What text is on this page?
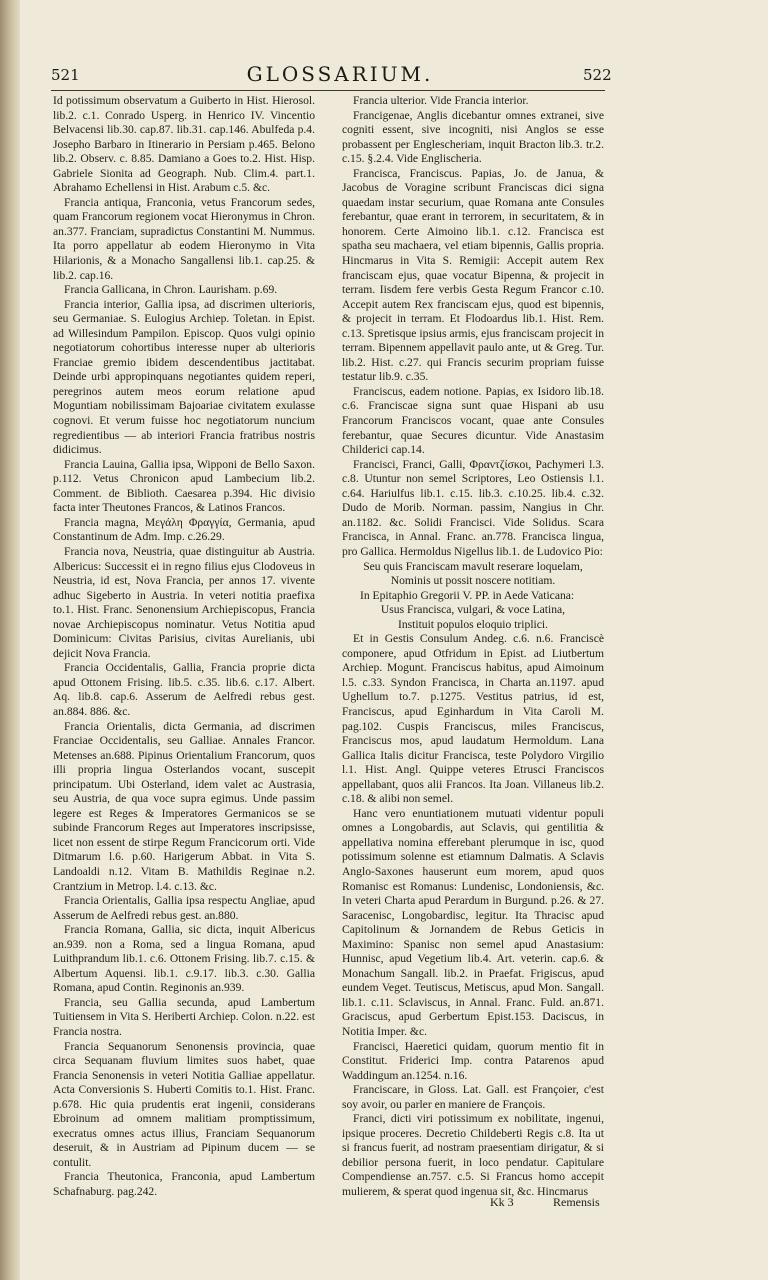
521	GLOSSARIUM.	522

Id potissimum observatum a Guiberto in Hist. Hierosol. lib.2. c.1. Conrado Usperg. in Henrico IV. Vincentio Belvacensi lib.30. cap.87. lib.31. cap.146. Abulfeda p.4. Josepho Barbaro in Itinerario in Persiam p.465. Belono lib.2. Observ. c. 8.85. Damiano a Goes to.2. Hist. Hisp. Gabriele Sionita ad Geograph. Nub. Clim.4. part.1. Abrahamo Echellensi in Hist. Arabum c.5. &c.

Francia antiqua, Franconia, vetus Francorum sedes, quam Francorum regionem vocat Hieronymus in Chron. an.377. Franciam, supradictus Constantini M. Nummus. Ita porro appellatur ab eodem Hieronymo in Vita Hilarionis, & a Monacho Sangallensi lib.1. cap.25. & lib.2. cap.16.

Francia Gallicana, in Chron. Laurisham. p.69.

Francia interior, Gallia ipsa, ad discrimen ulterioris, seu Germaniae. S. Eulogius Archiep. Toletan. in Epist. ad Willesindum Pampilon. Episcop. Quos vulgi opinio negotiatorum cohortibus interesse nuper ab ulterioris Franciae gremio ibidem descendentibus jactitabat. Deinde urbi appropinquans negotiantes quidem reperi, peregrinos autem meos eorum relatione apud Moguntiam nobilissimam Bajoariae civitatem exulasse cognovi. Et verum fuisse hoc negotiatorum nuncium regredientibus — ab interiori Francia fratribus nostris didicimus.

Francia Lauina, Gallia ipsa, Wipponi de Bello Saxon. p.112. Vetus Chronicon apud Lambecium lib.2. Comment. de Biblioth. Caesarea p.394. Hic divisio facta inter Theutones Francos, & Latinos Francos.

Francia magna, Μεγάλη Φραγγία, Germania, apud Constantinum de Adm. Imp. c.26.29.

Francia nova, Neustria, quae distinguitur ab Austria. Albericus: Successit ei in regno filius ejus Clodoveus in Neustria, id est, Nova Francia, per annos 17. vivente adhuc Sigeberto in Austria. In veteri notitia praefixa to.1. Hist. Franc. Senonensium Archiepiscopus, Francia novae Archiepiscopus nominatur. Vetus Notitia apud Dominicum: Civitas Parisius, civitas Aurelianis, ubi dejicit Nova Francia.

Francia Occidentalis, Gallia, Francia proprie dicta apud Ottonem Frising. lib.5. c.35. lib.6. c.17. Albert. Aq. lib.8. cap.6. Asserum de Aelfredi rebus gest. an.884. 886. &c.

Francia Orientalis, dicta Germania, ad discrimen Franciae Occidentalis, seu Galliae. Annales Francor. Metenses an.688. Pipinus Orientalium Francorum, quos illi propria lingua Osterlandos vocant, suscepit principatum. Ubi Osterland, idem valet ac Austrasia, seu Austria, de qua voce supra egimus. Unde passim legere est Reges & Imperatores Germanicos se se subinde Francorum Reges aut Imperatores inscripsisse, licet non essent de stirpe Regum Francicorum orti. Vide Ditmarum l.6. p.60. Harigerum Abbat. in Vita S. Landoaldi n.12. Vitam B. Mathildis Reginae n.2. Crantzium in Metrop. l.4. c.13. &c.

Francia Orientalis, Gallia ipsa respectu Angliae, apud Asserum de Aelfredi rebus gest. an.880.

Francia Romana, Gallia, sic dicta, inquit Albericus an.939. non a Roma, sed a lingua Romana, apud Luithprandum lib.1. c.6. Ottonem Frising. lib.7. c.15. & Albertum Aquensi. lib.1. c.9.17. lib.3. c.30. Gallia Romana, apud Contin. Reginonis an.939.

Francia, seu Gallia secunda, apud Lambertum Tuitiensem in Vita S. Heriberti Archiep. Colon. n.22. est Francia nostra.

Francia Sequanorum Senonensis provincia, quae circa Sequanam fluvium limites suos habet, quae Francia Senonensis in veteri Notitia Galliae appellatur. Acta Conversionis S. Huberti Comitis to.1. Hist. Franc. p.678. Hic quia prudentis erat ingenii, considerans Ebroinum ad omnem malitiam promptissimum, execratus omnes actus illius, Franciam Sequanorum deseruit, & in Austriam ad Pipinum ducem — se contulit.

Francia Theutonica, Franconia, apud Lambertum Schafnaburg. pag.242.

Francia ulterior. Vide Francia interior.

Francigenae, Anglis dicebantur omnes extranei, sive cogniti essent, sive incogniti, nisi Anglos se esse probassent per Englescheriam, inquit Bracton lib.3. tr.2. c.15. §.2.4. Vide Englischeria.

Francisca, Franciscus. Papias, Jo. de Janua, & Jacobus de Voragine scribunt Franciscas dici signa quaedam instar securium, quae Romana ante Consules ferebantur, quae erant in terrorem, in securitatem, & in honorem. Certe Aimoino lib.1. c.12. Francisca est spatha seu machaera, vel etiam bipennis, Gallis propria. Hincmarus in Vita S. Remigii: Accepit autem Rex franciscam ejus, quae vocatur Bipenna, & projecit in terram. Iisdem fere verbis Gesta Regum Francor c.10. Accepit autem Rex franciscam ejus, quod est bipennis, & projecit in terram. Et Flodoardus lib.1. Hist. Rem. c.13. Spretisque ipsius armis, ejus franciscam projecit in terram. Bipennem appellavit paulo ante, ut & Greg. Tur. lib.2. Hist. c.27. qui Francis securim propriam fuisse testatur lib.9. c.35.

Franciscus, eadem notione. Papias, ex Isidoro lib.18. c.6. Franciscae signa sunt quae Hispani ab usu Francorum Franciscos vocant, quae ante Consules ferebantur, quae Secures dicuntur. Vide Anastasim Childerici cap.14.

Francisci, Franci, Galli, Φραντζίσκοι, Pachymeri l.3. c.8. Utuntur non semel Scriptores, Leo Ostiensis l.1. c.64. Hariulfus lib.1. c.15. lib.3. c.10.25. lib.4. c.32. Dudo de Morib. Norman. passim, Nangius in Chr. an.1182. &c. Solidi Francisci. Vide Solidus. Scara Francisca, in Annal. Franc. an.778. Francisca lingua, pro Gallica. Hermoldus Nigellus lib.1. de Ludovico Pio:

Seu quis Franciscam mavult reserare loquelam,

Nominis ut possit noscere notitiam.

In Epitaphio Gregorii V. PP. in Aede Vaticana:

Usus Francisca, vulgari, & voce Latina,

Instituit populos eloquio triplici.

Et in Gestis Consulum Andeg. c.6. n.6. Franciscè componere, apud Otfridum in Epist. ad Liutbertum Archiep. Mogunt. Franciscus habitus, apud Aimoinum l.5. c.33. Syndon Francisca, in Charta an.1197. apud Ughellum to.7. p.1275. Vestitus patrius, id est, Franciscus, apud Eginhardum in Vita Caroli M. pag.102. Cuspis Franciscus, miles Franciscus, Franciscus mos, apud laudatum Hermoldum. Lana Gallica Italis dicitur Francisca, teste Polydoro Virgilio l.1. Hist. Angl. Quippe veteres Etrusci Franciscos appellabant, quos alii Francos. Ita Joan. Villaneus lib.2. c.18. & alibi non semel.

Hanc vero enuntiationem mutuati videntur populi omnes a Longobardis, aut Sclavis, qui gentilitia & appellativa nomina efferebant plerumque in isc, quod potissimum solenne est etiamnum Dalmatis. A Sclavis Anglo-Saxones hauserunt eum morem, apud quos Romanisc est Romanus: Lundenisc, Londoniensis, &c. In veteri Charta apud Perardum in Burgund. p.26. & 27. Saracenisc, Longobardisc, legitur. Ita Thracisc apud Capitolinum & Jornandem de Rebus Geticis in Maximino: Spanisc non semel apud Anastasium: Hunnisc, apud Vegetium lib.4. Art. veterin. cap.6. & Monachum Sangall. lib.2. in Praefat. Frigiscus, apud eundem Veget. Teutiscus, Metiscus, apud Mon. Sangall. lib.1. c.11. Sclaviscus, in Annal. Franc. Fuld. an.871. Graciscus, apud Gerbertum Epist.153. Daciscus, in Notitia Imper. &c.

Francisci, Haeretici quidam, quorum mentio fit in Constitut. Friderici Imp. contra Patarenos apud Waddingum an.1254. n.16.

Franciscare, in Gloss. Lat. Gall. est Françoier, c'est soy avoir, ou parler en maniere de François.

Franci, dicti viri potissimum ex nobilitate, ingenui, ipsique proceres. Decretio Childeberti Regis c.8. Ita ut si francus fuerit, ad nostram praesentiam dirigatur, & si debilior persona fuerit, in loco pendatur. Capitulare Compendiense an.757. c.5. Si Francus homo accepit mulierem, & sperat quod ingenua sit, &c. Hincmarus

Kk 3	Remensis
